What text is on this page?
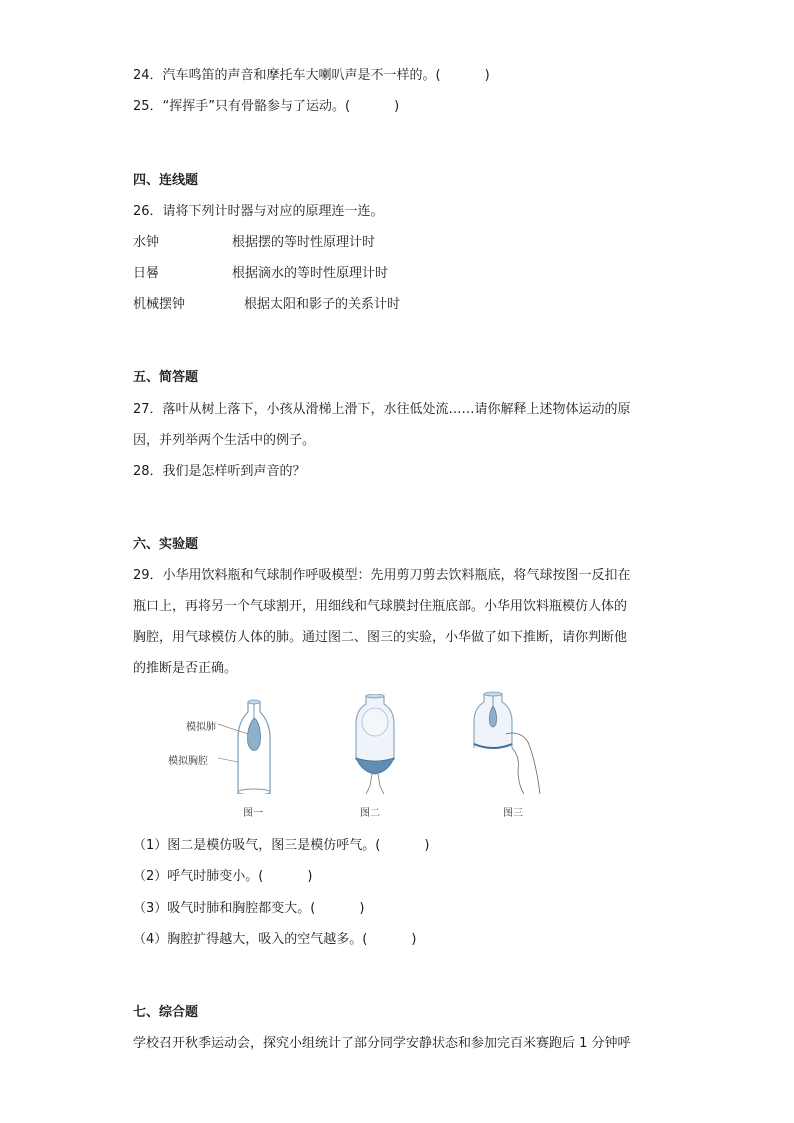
24．汽车鸣笛的声音和摩托车大喇叭声是不一样的。(	)
25．“挥挥手”只有骨骼参与了运动。(	)
四、连线题
26．请将下列计时器与对应的原理连一连。
水钟	根据摆的等时性原理计时
日晷	根据滴水的等时性原理计时
机械摆钟	根据太阳和影子的关系计时
五、简答题
27．落叶从树上落下，小孩从滑梯上滑下，水往低处流……请你解释上述物体运动的原
因，并列举两个生活中的例子。
28．我们是怎样听到声音的？
六、实验题
29．小华用饮料瓶和气球制作呼吸模型：先用剪刀剪去饮料瓶底，将气球按图一反扣在
瓶口上，再将另一个气球割开，用细线和气球膜封住瓶底部。小华用饮料瓶模仿人体的
胸腔，用气球模仿人体的肺。通过图二、图三的实验，小华做了如下推断，请你判断他
的推断是否正确。
模拟肺
模拟胸腔
图一	图二	图三
（1）图二是模仿吸气，图三是模仿呼气。(	)
（2）呼气时肺变小。(	)
（3）吸气时肺和胸腔都变大。(	)
（4）胸腔扩得越大，吸入的空气越多。(	)
七、综合题
学校召开秋季运动会，探究小组统计了部分同学安静状态和参加完百米赛跑后 1 分钟呼
